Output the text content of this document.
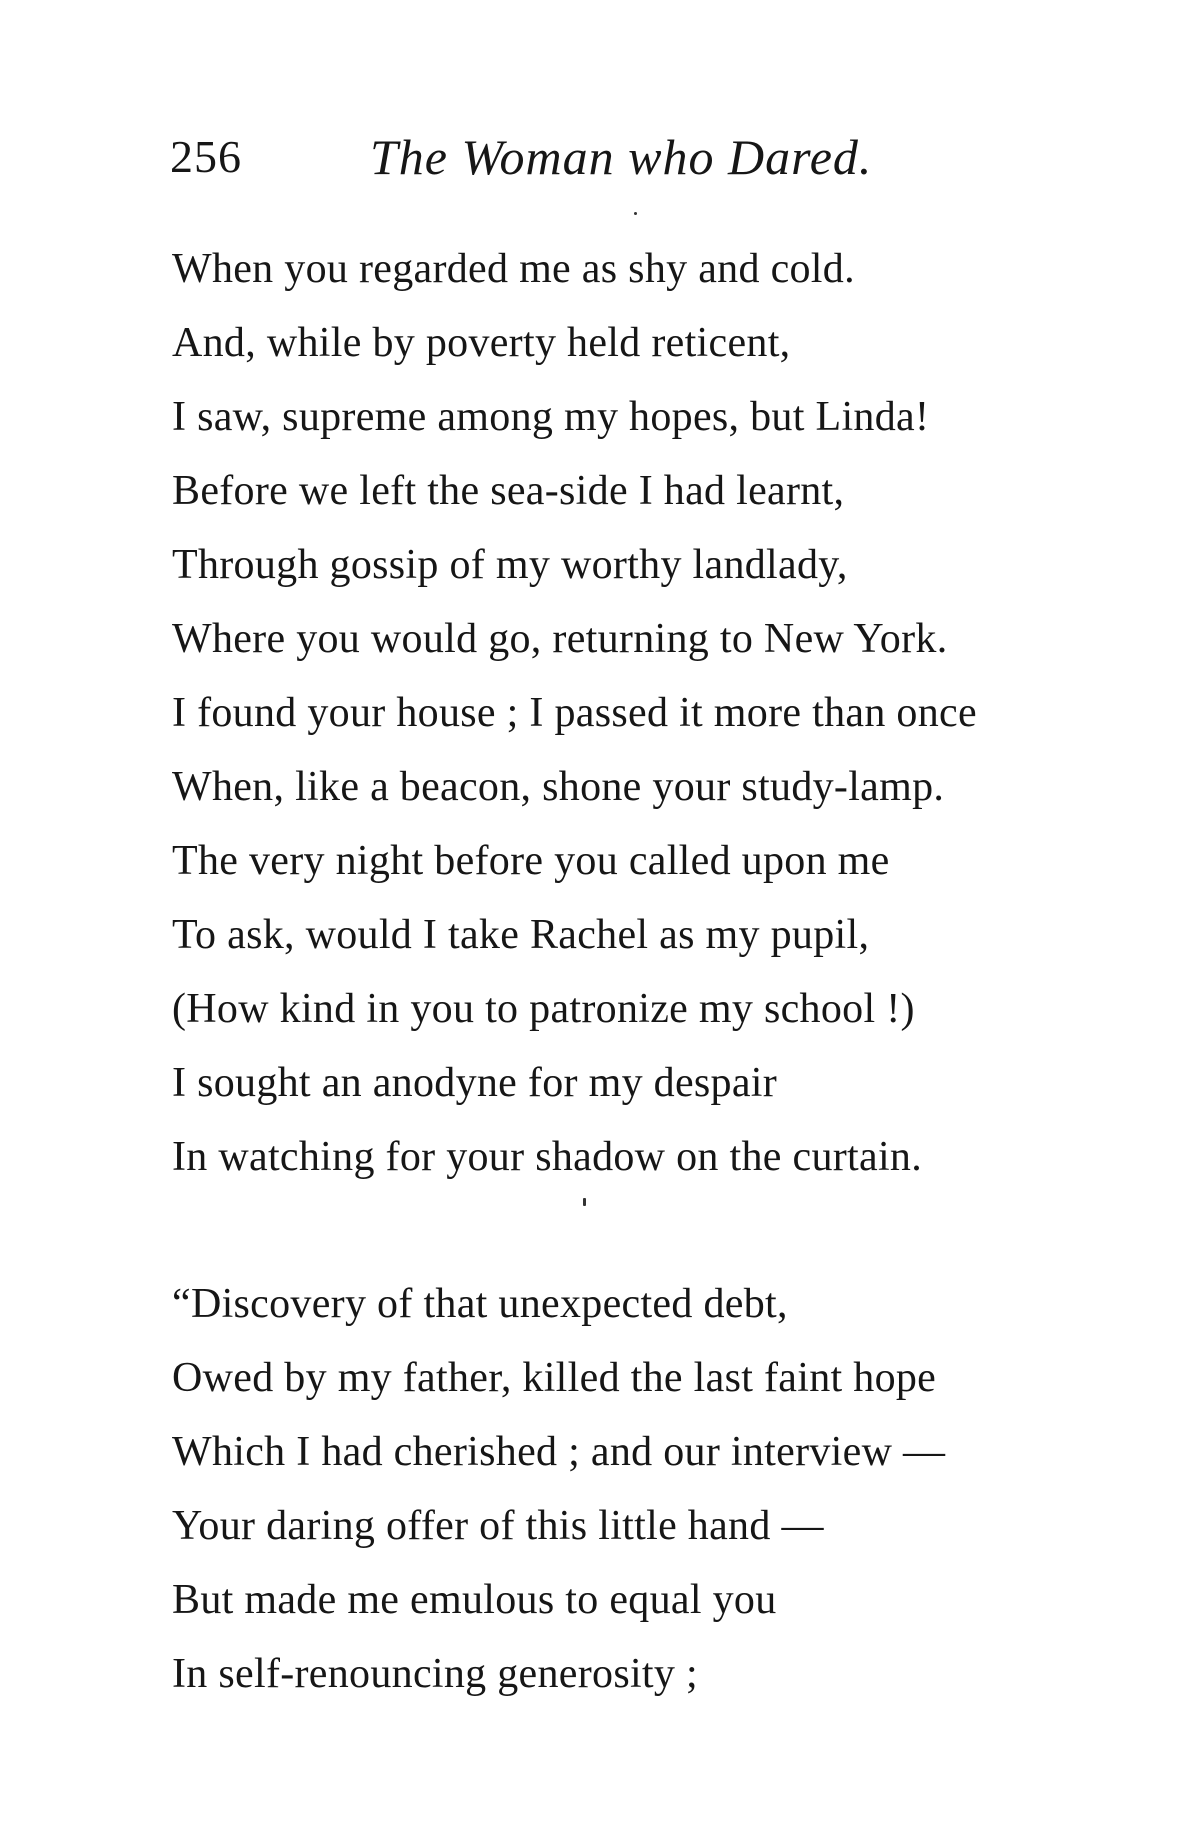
256	The Woman who Dared.
When you regarded me as shy and cold.
And, while by poverty held reticent,
I saw, supreme among my hopes, but Linda!
Before we left the sea-side I had learnt,
Through gossip of my worthy landlady,
Where you would go, returning to New York.
I found your house ; I passed it more than once
When, like a beacon, shone your study-lamp.
The very night before you called upon me
To ask, would I take Rachel as my pupil,
(How kind in you to patronize my school !)
I sought an anodyne for my despair
In watching for your shadow on the curtain.
“Discovery of that unexpected debt,
Owed by my father, killed the last faint hope
Which I had cherished ; and our interview —
Your daring offer of this little hand —
But made me emulous to equal you
In self-renouncing generosity ;
